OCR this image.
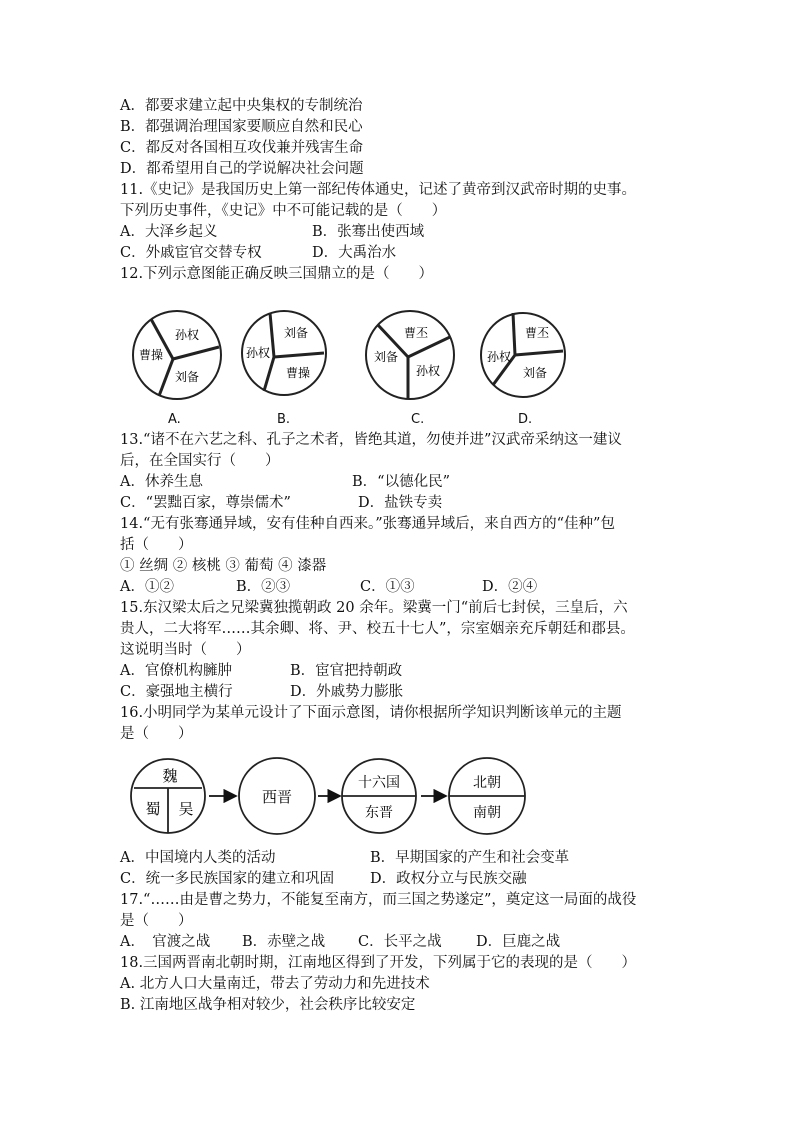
A．都要求建立起中央集权的专制统治
B．都强调治理国家要顺应自然和民心
C．都反对各国相互攻伐兼并残害生命
D．都希望用自己的学说解决社会问题
11.《史记》是我国历史上第一部纪传体通史，记述了黄帝到汉武帝时期的史事。
下列历史事件，《史记》中不可能记载的是（　　）
A．大泽乡起义	B．张骞出使西域
C．外戚宦官交替专权	D．大禹治水
12.下列示意图能正确反映三国鼎立的是（　　）
孙权
曹操
刘备
刘备
孙权
曹操
曹丕
刘备
孙权
曹丕
孙权
刘备
A.	B.	C.	D.
13.“诸不在六艺之科、孔子之术者，皆绝其道，勿使并进”汉武帝采纳这一建议
后，在全国实行（　　）
A．休养生息	B．“以德化民”
C．“罢黜百家，尊崇儒术”	D．盐铁专卖
14.“无有张骞通异域，安有佳种自西来。”张骞通异域后，来自西方的“佳种”包
括（　　）
① 丝绸 ② 核桃 ③ 葡萄 ④ 漆器
A．①②	B．②③	C．①③	D．②④
15.东汉梁太后之兄梁冀独揽朝政 20 余年。梁冀一门“前后七封侯，三皇后，六
贵人，二大将军……其余卿、将、尹、校五十七人”，宗室姻亲充斥朝廷和郡县。
这说明当时（　　）
A．官僚机构臃肿	B．宦官把持朝政
C．豪强地主横行	D．外戚势力膨胀
16.小明同学为某单元设计了下面示意图，请你根据所学知识判断该单元的主题
是（　　）
魏
蜀 吴
西晋
十六国
东晋
北朝
南朝
A．中国境内人类的活动	B．早期国家的产生和社会变革
C．统一多民族国家的建立和巩固 D．政权分立与民族交融
17.“……由是曹之势力，不能复至南方，而三国之势遂定”，奠定这一局面的战役
是（　　）
A．　官渡之战 B．赤壁之战 C．长平之战 D．巨鹿之战
18.三国两晋南北朝时期，江南地区得到了开发，下列属于它的表现的是（　　）
A. 北方人口大量南迁，带去了劳动力和先进技术
B. 江南地区战争相对较少，社会秩序比较安定
